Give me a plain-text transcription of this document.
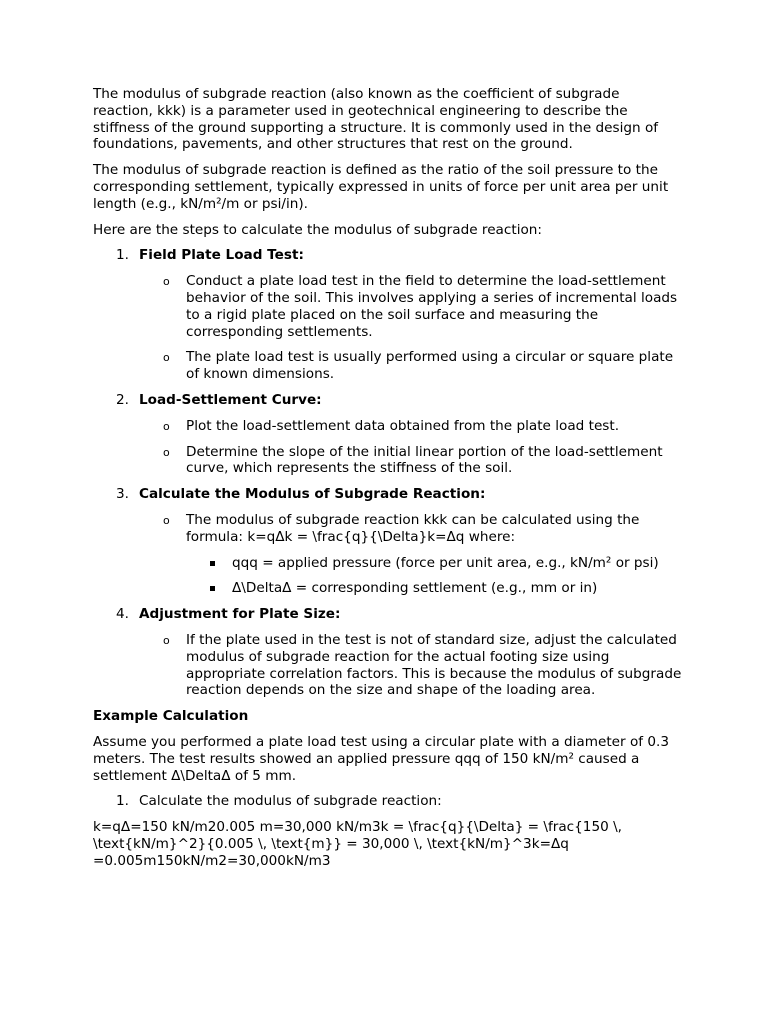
The modulus of subgrade reaction (also known as the coefficient of subgrade reaction, kkk) is a parameter used in geotechnical engineering to describe the stiffness of the ground supporting a structure. It is commonly used in the design of foundations, pavements, and other structures that rest on the ground.

The modulus of subgrade reaction is defined as the ratio of the soil pressure to the corresponding settlement, typically expressed in units of force per unit area per unit length (e.g., kN/m²/m or psi/in).

Here are the steps to calculate the modulus of subgrade reaction:

1. Field Plate Load Test:
o Conduct a plate load test in the field to determine the load-settlement behavior of the soil. This involves applying a series of incremental loads to a rigid plate placed on the soil surface and measuring the corresponding settlements.
o The plate load test is usually performed using a circular or square plate of known dimensions.
2. Load-Settlement Curve:
o Plot the load-settlement data obtained from the plate load test.
o Determine the slope of the initial linear portion of the load-settlement curve, which represents the stiffness of the soil.
3. Calculate the Modulus of Subgrade Reaction:
o The modulus of subgrade reaction kkk can be calculated using the formula: k=qΔk = \frac{q}{\Delta}k=Δq where:
qqq = applied pressure (force per unit area, e.g., kN/m² or psi)
Δ\DeltaΔ = corresponding settlement (e.g., mm or in)
4. Adjustment for Plate Size:
o If the plate used in the test is not of standard size, adjust the calculated modulus of subgrade reaction for the actual footing size using appropriate correlation factors. This is because the modulus of subgrade reaction depends on the size and shape of the loading area.

Example Calculation

Assume you performed a plate load test using a circular plate with a diameter of 0.3 meters. The test results showed an applied pressure qqq of 150 kN/m² caused a settlement Δ\DeltaΔ of 5 mm.

1. Calculate the modulus of subgrade reaction:

k=qΔ=150 kN/m20.005 m=30,000 kN/m3k = \frac{q}{\Delta} = \frac{150 \, \text{kN/m}^2}{0.005 \, \text{m}} = 30,000 \, \text{kN/m}^3k=Δq =0.005m150kN/m2=30,000kN/m3
